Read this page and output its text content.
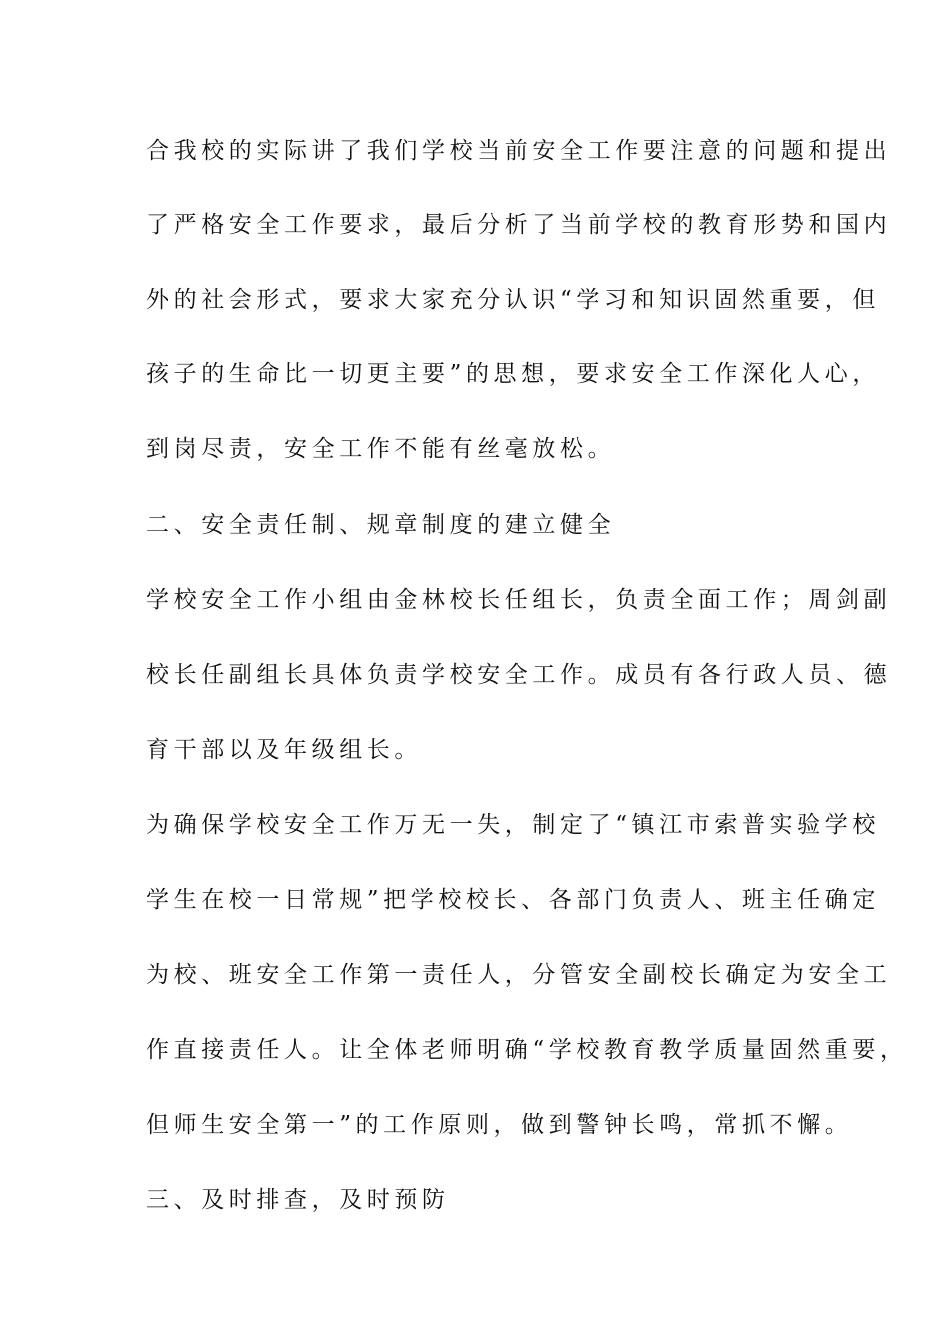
合我校的实际讲了我们学校当前安全工作要注意的问题和提出
了严格安全工作要求，最后分析了当前学校的教育形势和国内
外的社会形式，要求大家充分认识“学习和知识固然重要，但
孩子的生命比一切更主要”的思想，要求安全工作深化人心，
到岗尽责，安全工作不能有丝毫放松。
二、安全责任制、规章制度的建立健全
学校安全工作小组由金林校长任组长，负责全面工作；周剑副
校长任副组长具体负责学校安全工作。成员有各行政人员、德
育干部以及年级组长。
为确保学校安全工作万无一失，制定了“镇江市索普实验学校
学生在校一日常规”把学校校长、各部门负责人、班主任确定
为校、班安全工作第一责任人，分管安全副校长确定为安全工
作直接责任人。让全体老师明确“学校教育教学质量固然重要，
但师生安全第一”的工作原则，做到警钟长鸣，常抓不懈。
三、及时排查，及时预防
